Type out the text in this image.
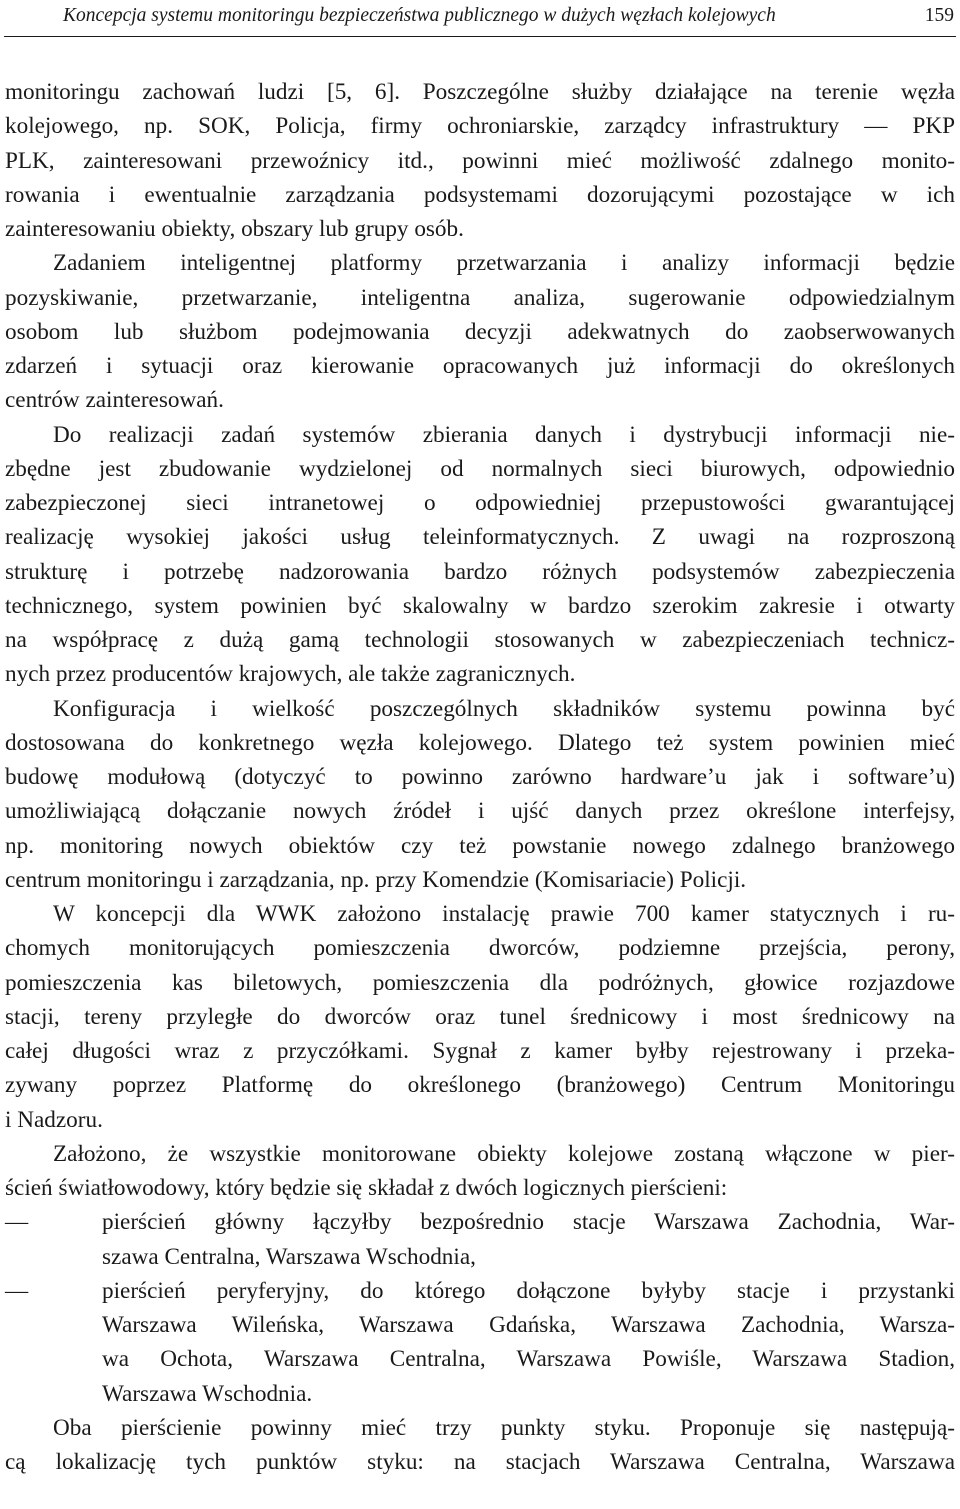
Koncepcja systemu monitoringu bezpieczeństwa publicznego w dużych węzłach kolejowych	159
monitoringu zachowań ludzi [5, 6]. Poszczególne służby działające na terenie węzła
kolejowego, np. SOK, Policja, firmy ochroniarskie, zarządcy infrastruktury — PKP
PLK, zainteresowani przewoźnicy itd., powinni mieć możliwość zdalnego monito-
rowania i ewentualnie zarządzania podsystemami dozorującymi pozostające w ich
zainteresowaniu obiekty, obszary lub grupy osób.
Zadaniem inteligentnej platformy przetwarzania i analizy informacji będzie
pozyskiwanie, przetwarzanie, inteligentna analiza, sugerowanie odpowiedzialnym
osobom lub służbom podejmowania decyzji adekwatnych do zaobserwowanych
zdarzeń i sytuacji oraz kierowanie opracowanych już informacji do określonych
centrów zainteresowań.
Do realizacji zadań systemów zbierania danych i dystrybucji informacji nie-
zbędne jest zbudowanie wydzielonej od normalnych sieci biurowych, odpowiednio
zabezpieczonej sieci intranetowej o odpowiedniej przepustowości gwarantującej
realizację wysokiej jakości usług teleinformatycznych. Z uwagi na rozproszoną
strukturę i potrzebę nadzorowania bardzo różnych podsystemów zabezpieczenia
technicznego, system powinien być skalowalny w bardzo szerokim zakresie i otwarty
na współpracę z dużą gamą technologii stosowanych w zabezpieczeniach technicz-
nych przez producentów krajowych, ale także zagranicznych.
Konfiguracja i wielkość poszczególnych składników systemu powinna być
dostosowana do konkretnego węzła kolejowego. Dlatego też system powinien mieć
budowę modułową (dotyczyć to powinno zarówno hardware’u jak i software’u)
umożliwiającą dołączanie nowych źródeł i ujść danych przez określone interfejsy,
np. monitoring nowych obiektów czy też powstanie nowego zdalnego branżowego
centrum monitoringu i zarządzania, np. przy Komendzie (Komisariacie) Policji.
W koncepcji dla WWK założono instalację prawie 700 kamer statycznych i ru-
chomych monitorujących pomieszczenia dworców, podziemne przejścia, perony,
pomieszczenia kas biletowych, pomieszczenia dla podróżnych, głowice rozjazdowe
stacji, tereny przyległe do dworców oraz tunel średnicowy i most średnicowy na
całej długości wraz z przyczółkami. Sygnał z kamer byłby rejestrowany i przeka-
zywany poprzez Platformę do określonego (branżowego) Centrum Monitoringu
i Nadzoru.
Założono, że wszystkie monitorowane obiekty kolejowe zostaną włączone w pier-
ścień światłowodowy, który będzie się składał z dwóch logicznych pierścieni:
—	pierścień główny łączyłby bezpośrednio stacje Warszawa Zachodnia, War-
szawa Centralna, Warszawa Wschodnia,
—	pierścień peryferyjny, do którego dołączone byłyby stacje i przystanki
Warszawa Wileńska, Warszawa Gdańska, Warszawa Zachodnia, Warsza-
wa Ochota, Warszawa Centralna, Warszawa Powiśle, Warszawa Stadion,
Warszawa Wschodnia.
Oba pierścienie powinny mieć trzy punkty styku. Proponuje się następują-
cą lokalizację tych punktów styku: na stacjach Warszawa Centralna, Warszawa
